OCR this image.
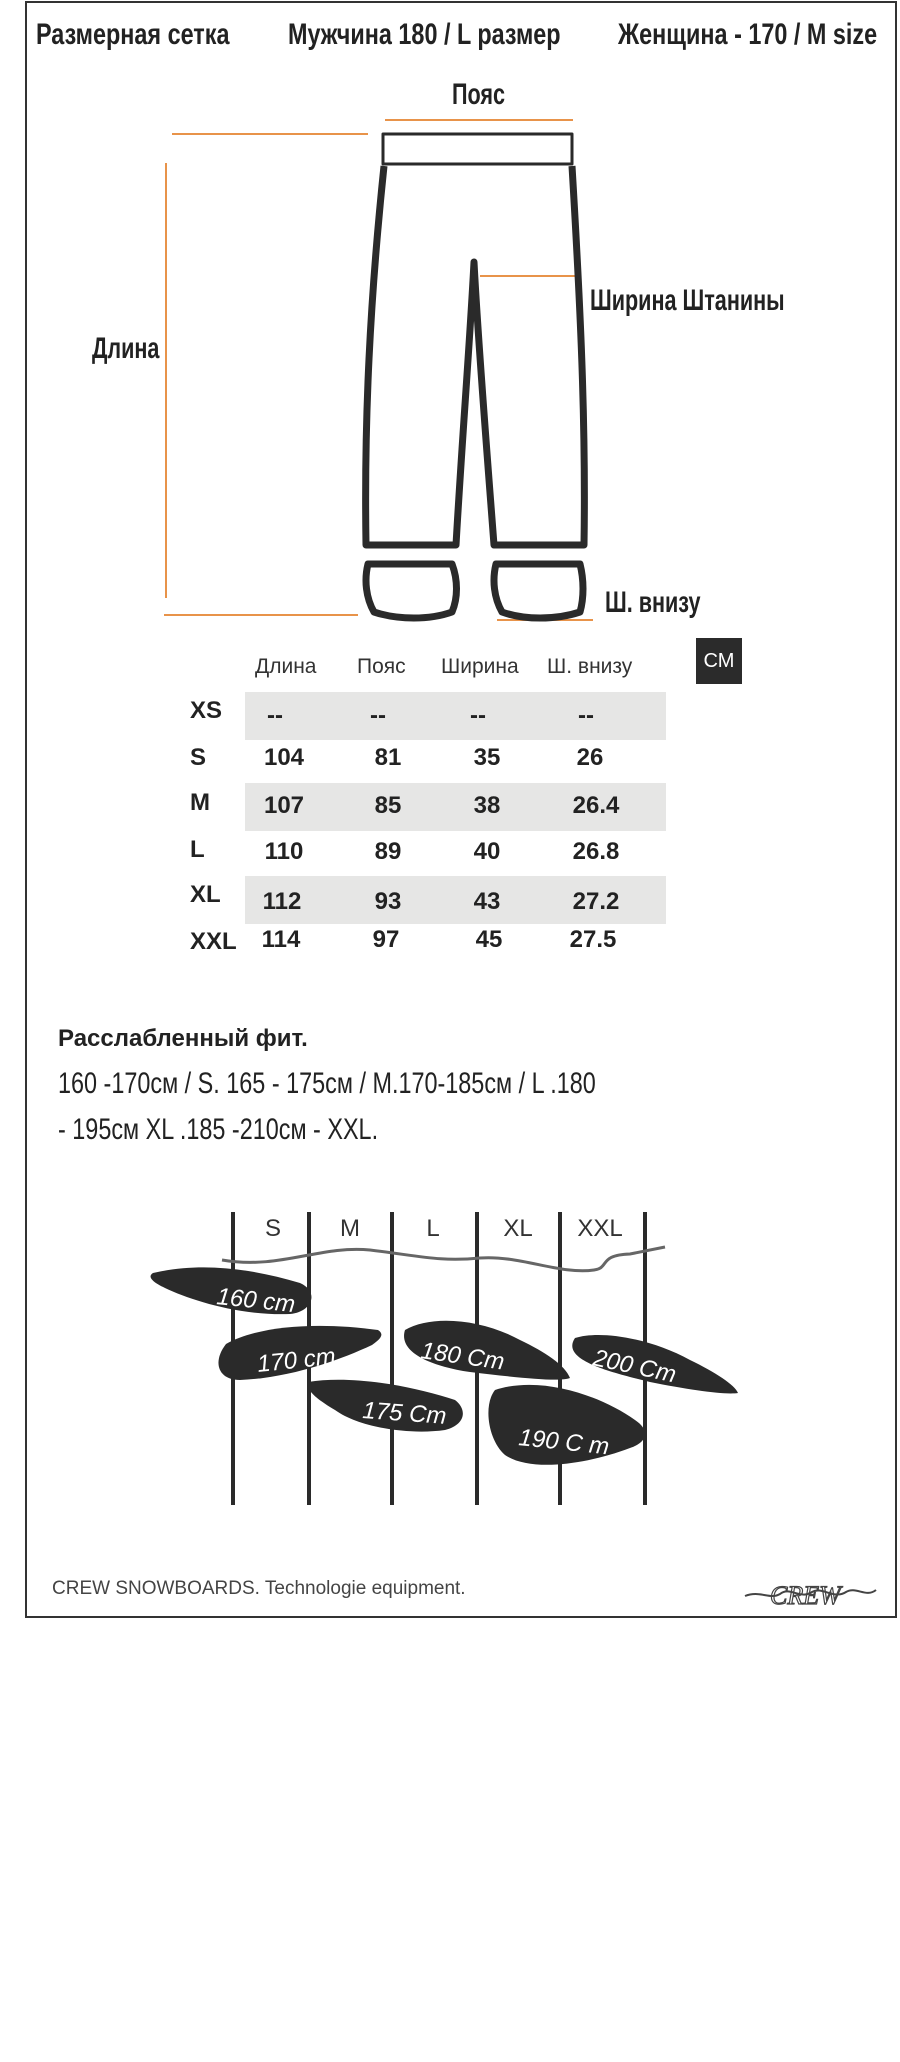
Размерная сетка Мужчина 180 / L размер Женщина - 170 / M size
Пояс
Длина
Ширина Штанины
Ш. внизу
Длина Пояс Ширина Ш. внизу	СМ
XS	--	--	--	--
S	104	81	35	26
M	107	85	38	26.4
L	110	89	40	26.8
XL	112	93	43	27.2
XXL	114	97	45	27.5
Расслабленный фит.
160 -170см / S. 165 - 175см / M.170-185см / L .180
- 195см XL .185 -210см - XXL.
S	M	L	XL	XXL
160 cm
170 cm
175 Cm
180 Cm
190 C m
200 Cm
CREW SNOWBOARDS. Technologie equipment.	CREW
